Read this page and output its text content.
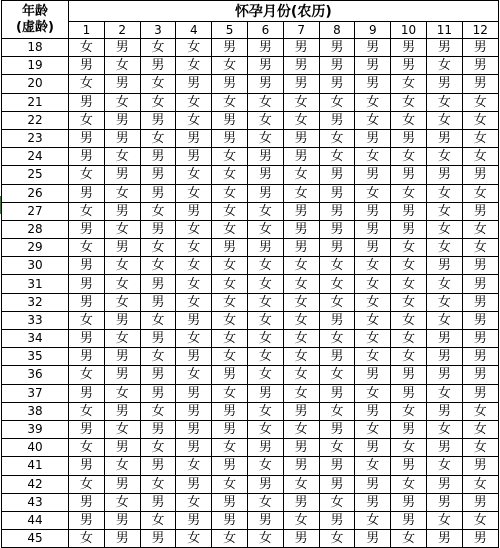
年龄
(虚龄)	怀孕月份(农历)											
	1	2	3	4	5	6	7	8	9	10	11	12
18	女	男	女	女	男	男	男	男	男	男	男	男
19	男	女	男	女	女	男	男	男	男	男	女	男
20	女	男	女	男	男	男	男	男	男	女	男	男
21	男	女	女	女	女	女	女	女	女	女	女	女
22	女	男	男	女	男	女	女	男	女	女	女	女
23	男	男	女	男	男	女	男	女	男	男	男	女
24	男	女	男	男	女	男	男	女	女	女	女	女
25	女	男	男	女	女	男	女	男	男	男	男	男
26	男	女	男	女	女	男	女	男	女	女	女	女
27	女	男	女	男	女	女	男	男	男	男	女	男
28	男	女	男	女	女	女	男	男	男	男	女	女
29	女	男	女	女	男	男	男	男	男	女	女	女
30	男	女	女	女	女	女	女	女	女	女	男	男
31	男	女	男	女	女	女	女	女	女	女	女	男
32	男	女	男	女	女	女	女	女	女	女	女	男
33	女	男	女	男	女	女	女	男	女	女	女	男
34	男	女	男	女	女	女	女	女	女	女	男	男
35	男	男	女	男	女	女	女	男	女	女	男	男
36	女	男	男	女	男	女	女	女	男	男	男	男
37	男	女	男	男	女	男	女	男	女	男	女	男
38	女	男	女	男	男	女	男	女	男	女	男	女
39	男	女	男	男	男	女	女	男	女	男	女	女
40	女	男	女	男	女	男	男	女	男	女	男	女
41	男	女	男	女	男	女	男	男	女	男	女	男
42	女	男	女	男	女	男	女	男	男	女	男	女
43	男	女	男	女	男	女	男	女	男	男	男	男
44	男	男	女	男	男	男	女	男	女	男	女	女
45	女	男	男	女	女	女	男	女	男	女	男	男
